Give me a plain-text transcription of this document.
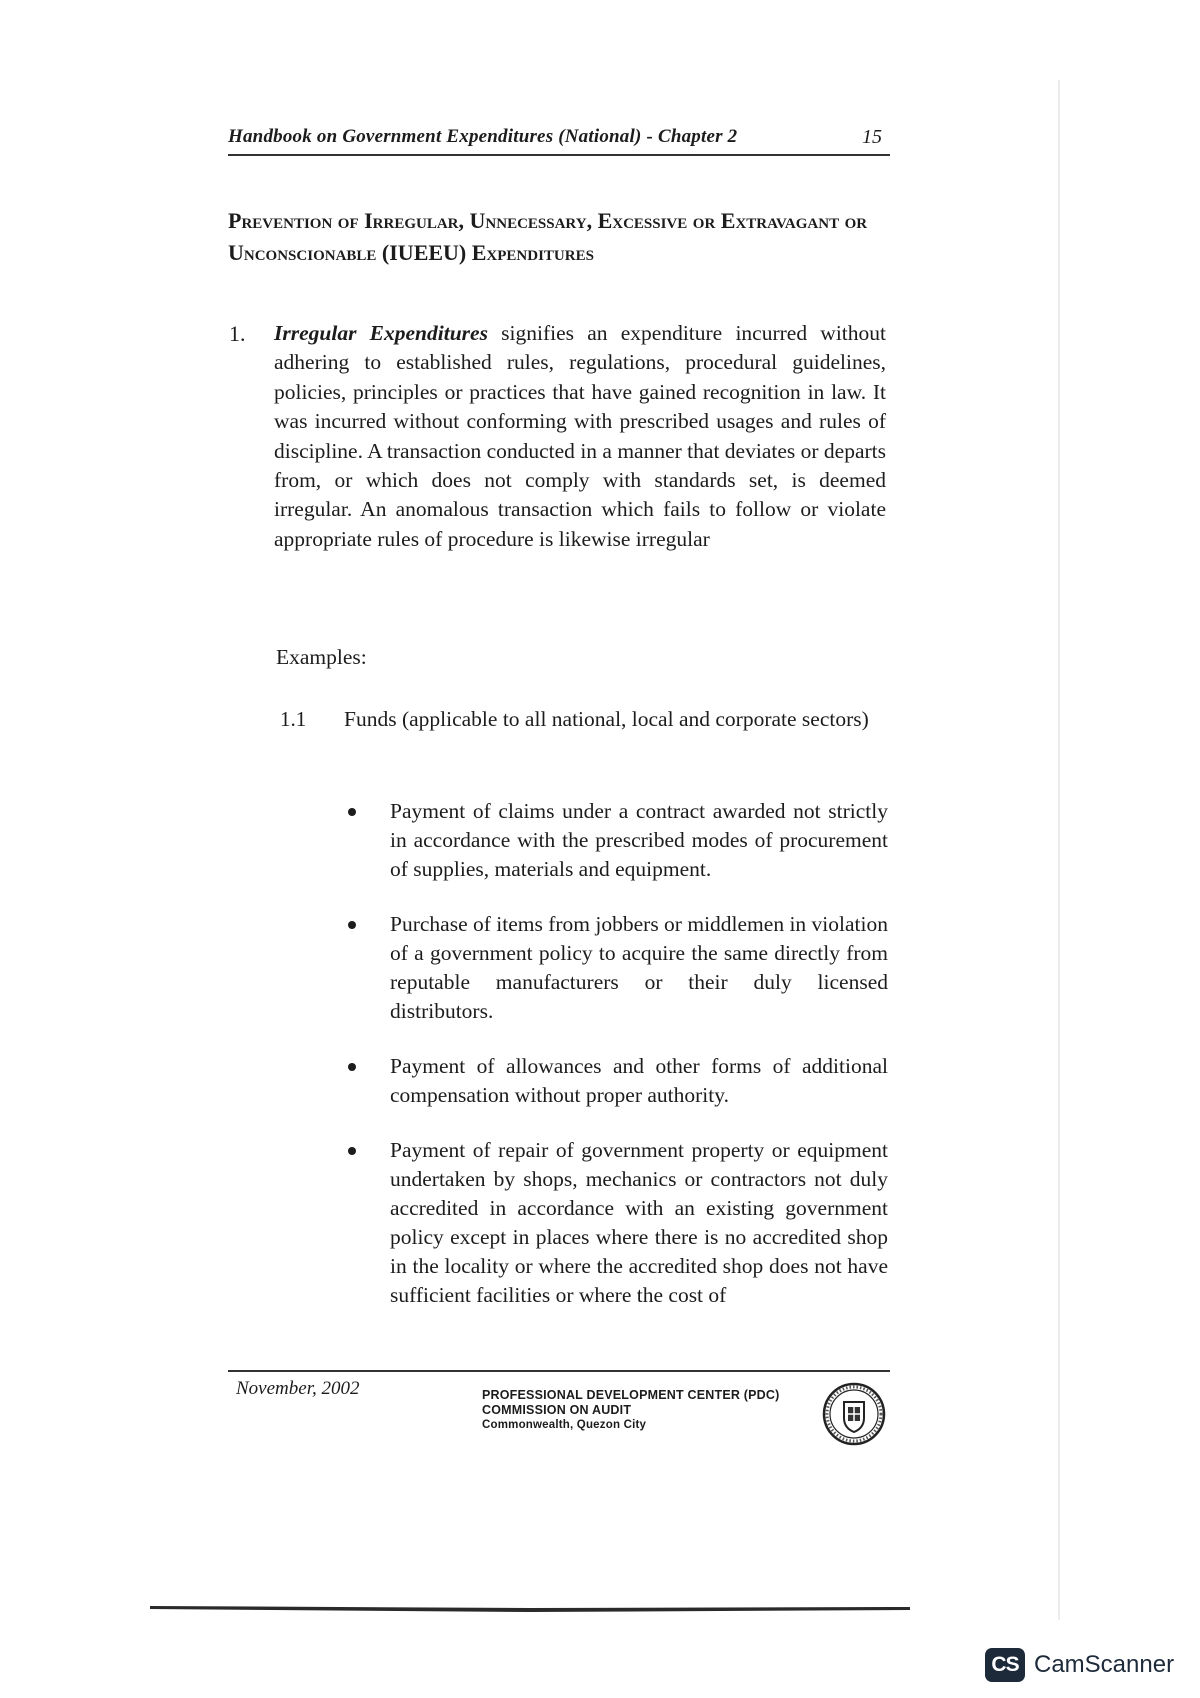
Handbook on Government Expenditures (National) - Chapter 2	15
Prevention of Irregular, Unnecessary, Excessive or Extravagant or Unconscionable (IUEEU) Expenditures
1. Irregular Expenditures signifies an expenditure incurred without adhering to established rules, regulations, procedural guidelines, policies, principles or practices that have gained recognition in law. It was incurred without conforming with prescribed usages and rules of discipline. A transaction conducted in a manner that deviates or departs from, or which does not comply with standards set, is deemed irregular. An anomalous transaction which fails to follow or violate appropriate rules of procedure is likewise irregular
Examples:
1.1 Funds (applicable to all national, local and corporate sectors)
Payment of claims under a contract awarded not strictly in accordance with the prescribed modes of procurement of supplies, materials and equipment.
Purchase of items from jobbers or middlemen in violation of a government policy to acquire the same directly from reputable manufacturers or their duly licensed distributors.
Payment of allowances and other forms of additional compensation without proper authority.
Payment of repair of government property or equipment undertaken by shops, mechanics or contractors not duly accredited in accordance with an existing government policy except in places where there is no accredited shop in the locality or where the accredited shop does not have sufficient facilities or where the cost of
November, 2002	PROFESSIONAL DEVELOPMENT CENTER (PDC)
COMMISSION ON AUDIT
Commonwealth, Quezon City
CS CamScanner
